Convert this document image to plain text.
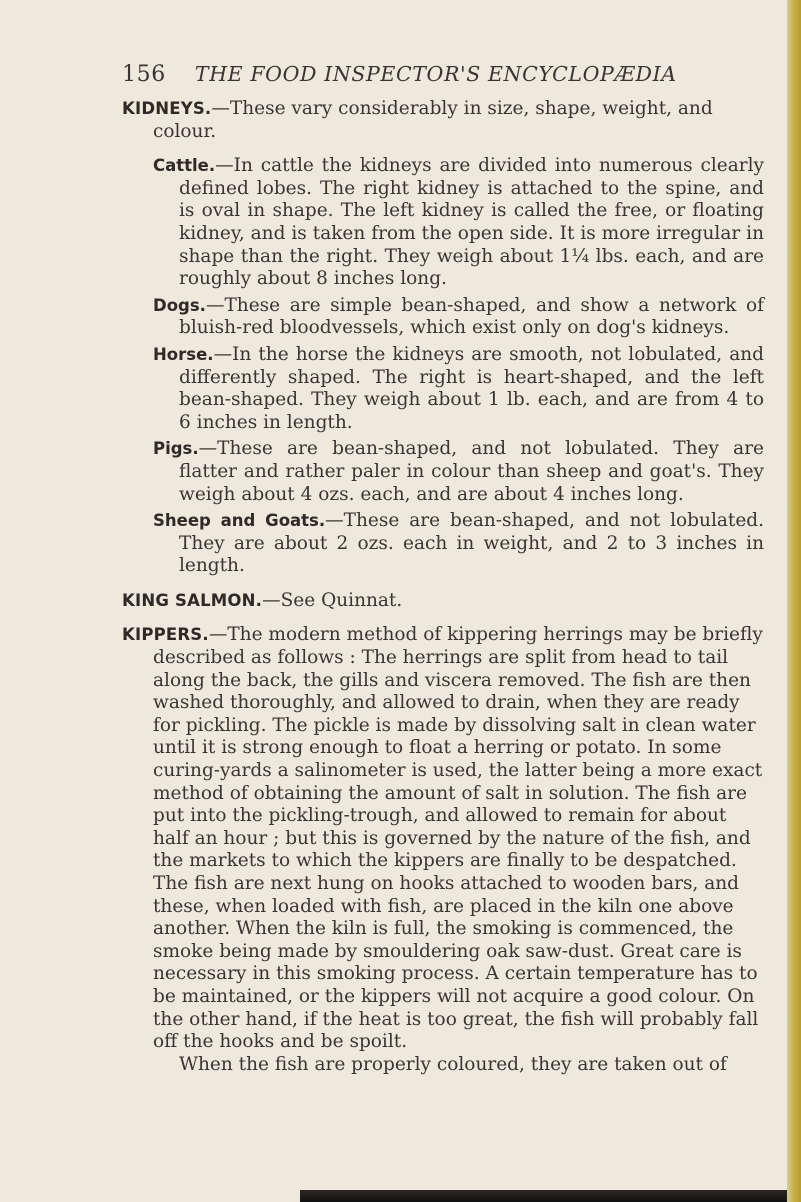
156 THE FOOD INSPECTOR'S ENCYCLOPÆDIA

KIDNEYS.—These vary considerably in size, shape, weight, and colour.

Cattle.—In cattle the kidneys are divided into numerous clearly defined lobes. The right kidney is attached to the spine, and is oval in shape. The left kidney is called the free, or floating kidney, and is taken from the open side. It is more irregular in shape than the right. They weigh about 1¼ lbs. each, and are roughly about 8 inches long.

Dogs.—These are simple bean-shaped, and show a network of bluish-red bloodvessels, which exist only on dog's kidneys.

Horse.—In the horse the kidneys are smooth, not lobulated, and differently shaped. The right is heart-shaped, and the left bean-shaped. They weigh about 1 lb. each, and are from 4 to 6 inches in length.

Pigs.—These are bean-shaped, and not lobulated. They are flatter and rather paler in colour than sheep and goat's. They weigh about 4 ozs. each, and are about 4 inches long.

Sheep and Goats.—These are bean-shaped, and not lobulated. They are about 2 ozs. each in weight, and 2 to 3 inches in length.

KING SALMON.—See Quinnat.

KIPPERS.—The modern method of kippering herrings may be briefly described as follows : The herrings are split from head to tail along the back, the gills and viscera removed. The fish are then washed thoroughly, and allowed to drain, when they are ready for pickling. The pickle is made by dissolving salt in clean water until it is strong enough to float a herring or potato. In some curing-yards a salinometer is used, the latter being a more exact method of obtaining the amount of salt in solution. The fish are put into the pickling-trough, and allowed to remain for about half an hour ; but this is governed by the nature of the fish, and the markets to which the kippers are finally to be despatched. The fish are next hung on hooks attached to wooden bars, and these, when loaded with fish, are placed in the kiln one above another. When the kiln is full, the smoking is commenced, the smoke being made by smouldering oak saw-dust. Great care is necessary in this smoking process. A certain temperature has to be maintained, or the kippers will not acquire a good colour. On the other hand, if the heat is too great, the fish will probably fall off the hooks and be spoilt.

When the fish are properly coloured, they are taken out of
